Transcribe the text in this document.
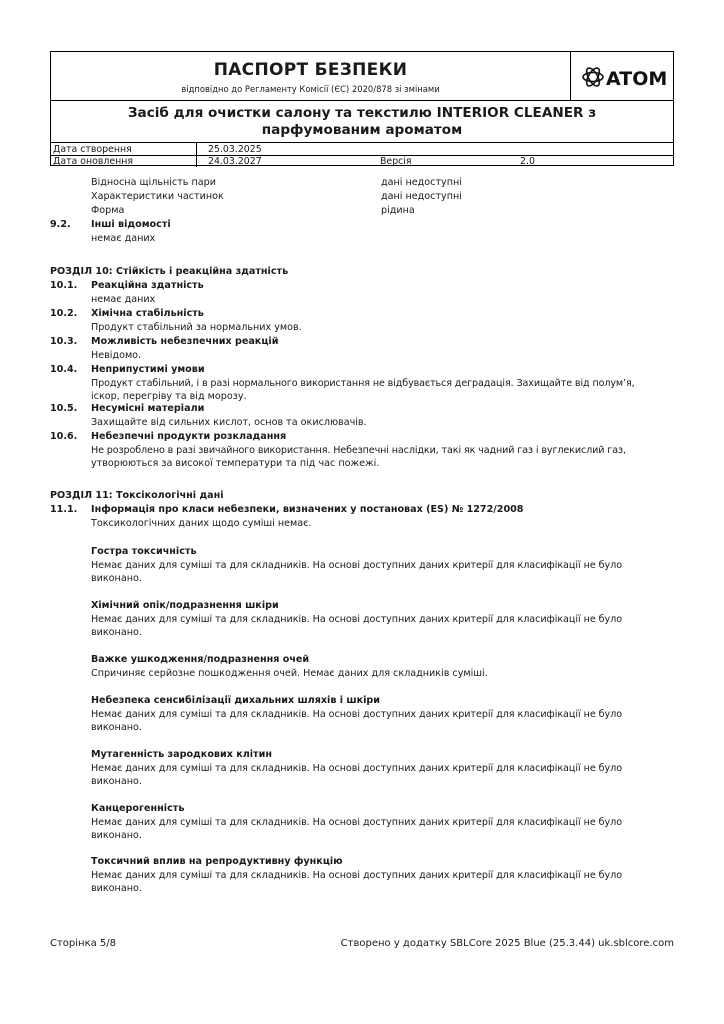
ПАСПОРТ БЕЗПЕКИ
відповідно до Регламенту Комісії (ЄС) 2020/878 зі змінами	ATOM
Засіб для очистки салону та текстилю INTERIOR CLEANER з
парфумованим ароматом
Дата створення	25.03.2025
Дата оновлення	24.03.2027	Версія	2.0
Відносна щільність пари	дані недоступні
Характеристики частинок	дані недоступні
Форма	рідина
9.2. Інші відомості
немає даних
РОЗДІЛ 10: Стійкість і реакційна здатність
10.1. Реакційна здатність
немає даних
10.2. Хімічна стабільність
Продукт стабільний за нормальних умов.
10.3. Можливість небезпечних реакцій
Невідомо.
10.4. Неприпустимі умови
Продукт стабільний, і в разі нормального використання не відбувається деградація. Захищайте від полум’я,
іскор, перегріву та від морозу.
10.5. Несумісні матеріали
Захищайте від сильних кислот, основ та окислювачів.
10.6. Небезпечні продукти розкладання
Не розроблено в разі звичайного використання. Небезпечні наслідки, такі як чадний газ і вуглекислий газ,
утворюються за високої температури та під час пожежі.
РОЗДІЛ 11: Токсікологічні дані
11.1. Інформація про класи небезпеки, визначених у постановах (ES) № 1272/2008
Токсикологічних даних щодо суміші немає.
Гостра токсичність
Немає даних для суміші та для складників. На основі доступних даних критерії для класифікації не було
виконано.
Хімічний опік/подразнення шкіри
Немає даних для суміші та для складників. На основі доступних даних критерії для класифікації не було
виконано.
Важке ушкодження/подразнення очей
Спричиняє серйозне пошкодження очей. Немає даних для складників суміші.
Небезпека сенсибілізації дихальних шляхів і шкіри
Немає даних для суміші та для складників. На основі доступних даних критерії для класифікації не було
виконано.
Мутагенність зародкових клітин
Немає даних для суміші та для складників. На основі доступних даних критерії для класифікації не було
виконано.
Канцерогенність
Немає даних для суміші та для складників. На основі доступних даних критерії для класифікації не було
виконано.
Токсичний вплив на репродуктивну функцію
Немає даних для суміші та для складників. На основі доступних даних критерії для класифікації не було
виконано.
Сторінка 5/8	Створено у додатку SBLCore 2025 Blue (25.3.44) uk.sblcore.com
